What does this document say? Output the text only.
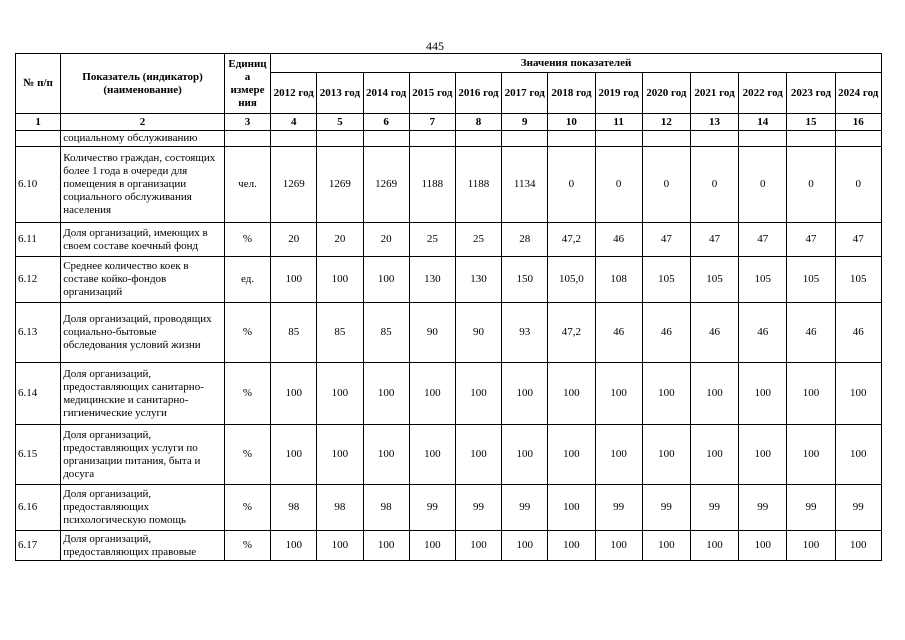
445
№ п/п	Показатель (индикатор) (наименование)	Единиц а измере ния	Значения показателей												
			2012 год	2013 год	2014 год	2015 год	2016 год	2017 год	2018 год	2019 год	2020 год	2021 год	2022 год	2023 год	2024 год
1	2	3	4	5	6	7	8	9	10	11	12	13	14	15	16
	социальному обслуживанию														
6.10	Количество граждан, состоящих более 1 года в очереди для помещения в организации социального обслуживания населения	чел.	1269	1269	1269	1188	1188	1134	0	0	0	0	0	0	0
6.11	Доля организаций, имеющих в своем составе коечный фонд	%	20	20	20	25	25	28	47,2	46	47	47	47	47	47
6.12	Среднее количество коек в составе койко-фондов организаций	ед.	100	100	100	130	130	150	105,0	108	105	105	105	105	105
6.13	Доля организаций, проводящих социально-бытовые обследования условий жизни	%	85	85	85	90	90	93	47,2	46	46	46	46	46	46
6.14	Доля организаций, предоставляющих санитарно-медицинские и санитарно-гигиенические услуги	%	100	100	100	100	100	100	100	100	100	100	100	100	100
6.15	Доля организаций, предоставляющих услуги по организации питания, быта и досуга	%	100	100	100	100	100	100	100	100	100	100	100	100	100
6.16	Доля организаций, предоставляющих психологическую помощь	%	98	98	98	99	99	99	100	99	99	99	99	99	99
6.17	Доля организаций, предоставляющих правовые	%	100	100	100	100	100	100	100	100	100	100	100	100	100
